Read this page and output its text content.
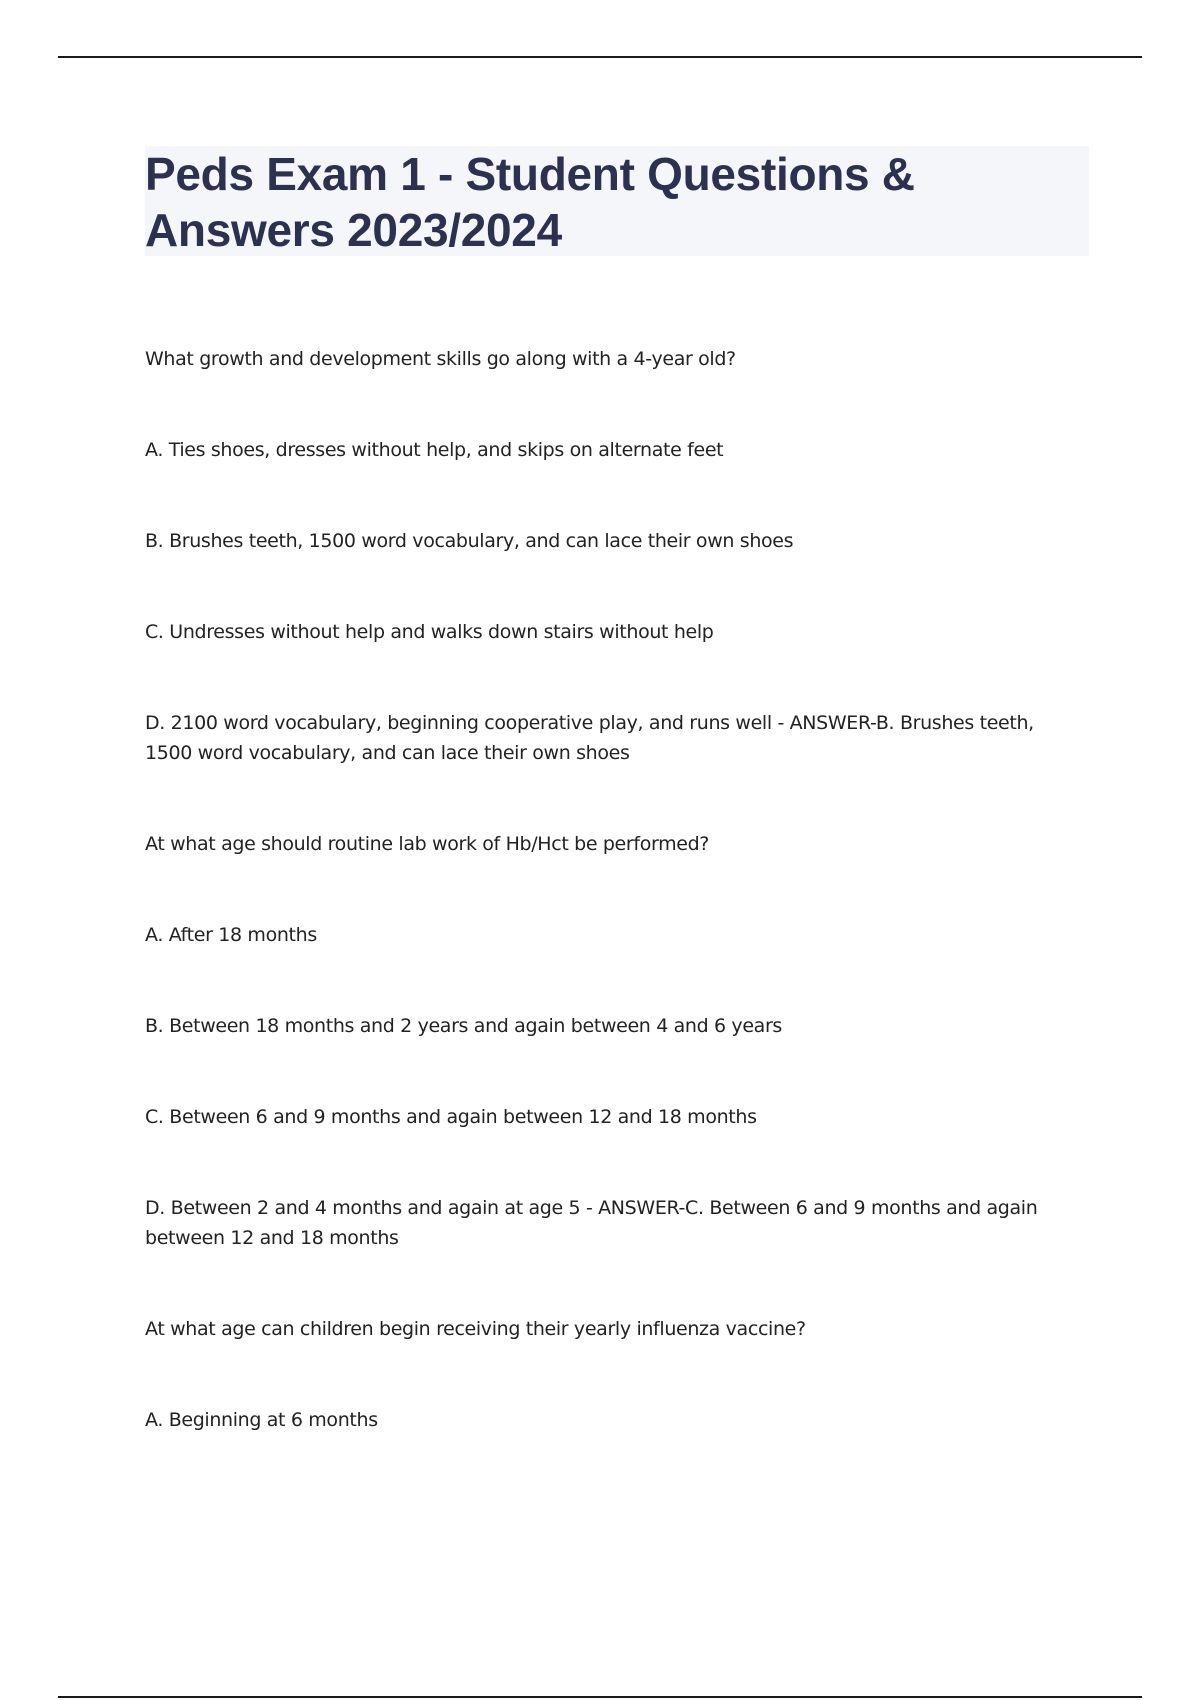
Peds Exam 1 - Student Questions & Answers 2023/2024

What growth and development skills go along with a 4-year old?

A. Ties shoes, dresses without help, and skips on alternate feet

B. Brushes teeth, 1500 word vocabulary, and can lace their own shoes

C. Undresses without help and walks down stairs without help

D. 2100 word vocabulary, beginning cooperative play, and runs well - ANSWER-B. Brushes teeth, 1500 word vocabulary, and can lace their own shoes

At what age should routine lab work of Hb/Hct be performed?

A. After 18 months

B. Between 18 months and 2 years and again between 4 and 6 years

C. Between 6 and 9 months and again between 12 and 18 months

D. Between 2 and 4 months and again at age 5 - ANSWER-C. Between 6 and 9 months and again between 12 and 18 months

At what age can children begin receiving their yearly influenza vaccine?

A. Beginning at 6 months
